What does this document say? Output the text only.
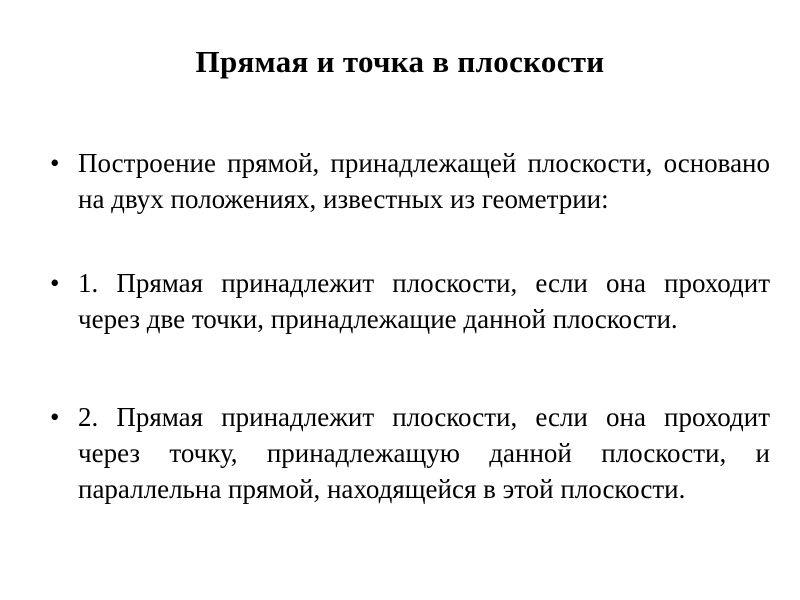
Прямая и точка в плоскости
• Построение прямой, принадлежащей плоскости, основано на двух положениях, известных из геометрии:
• 1. Прямая принадлежит плоскости, если она проходит через две точки, принадлежащие данной плоскости.
• 2. Прямая принадлежит плоскости, если она проходит через точку, принадлежащую данной плоскости, и параллельна прямой, находящейся в этой плоскости.
